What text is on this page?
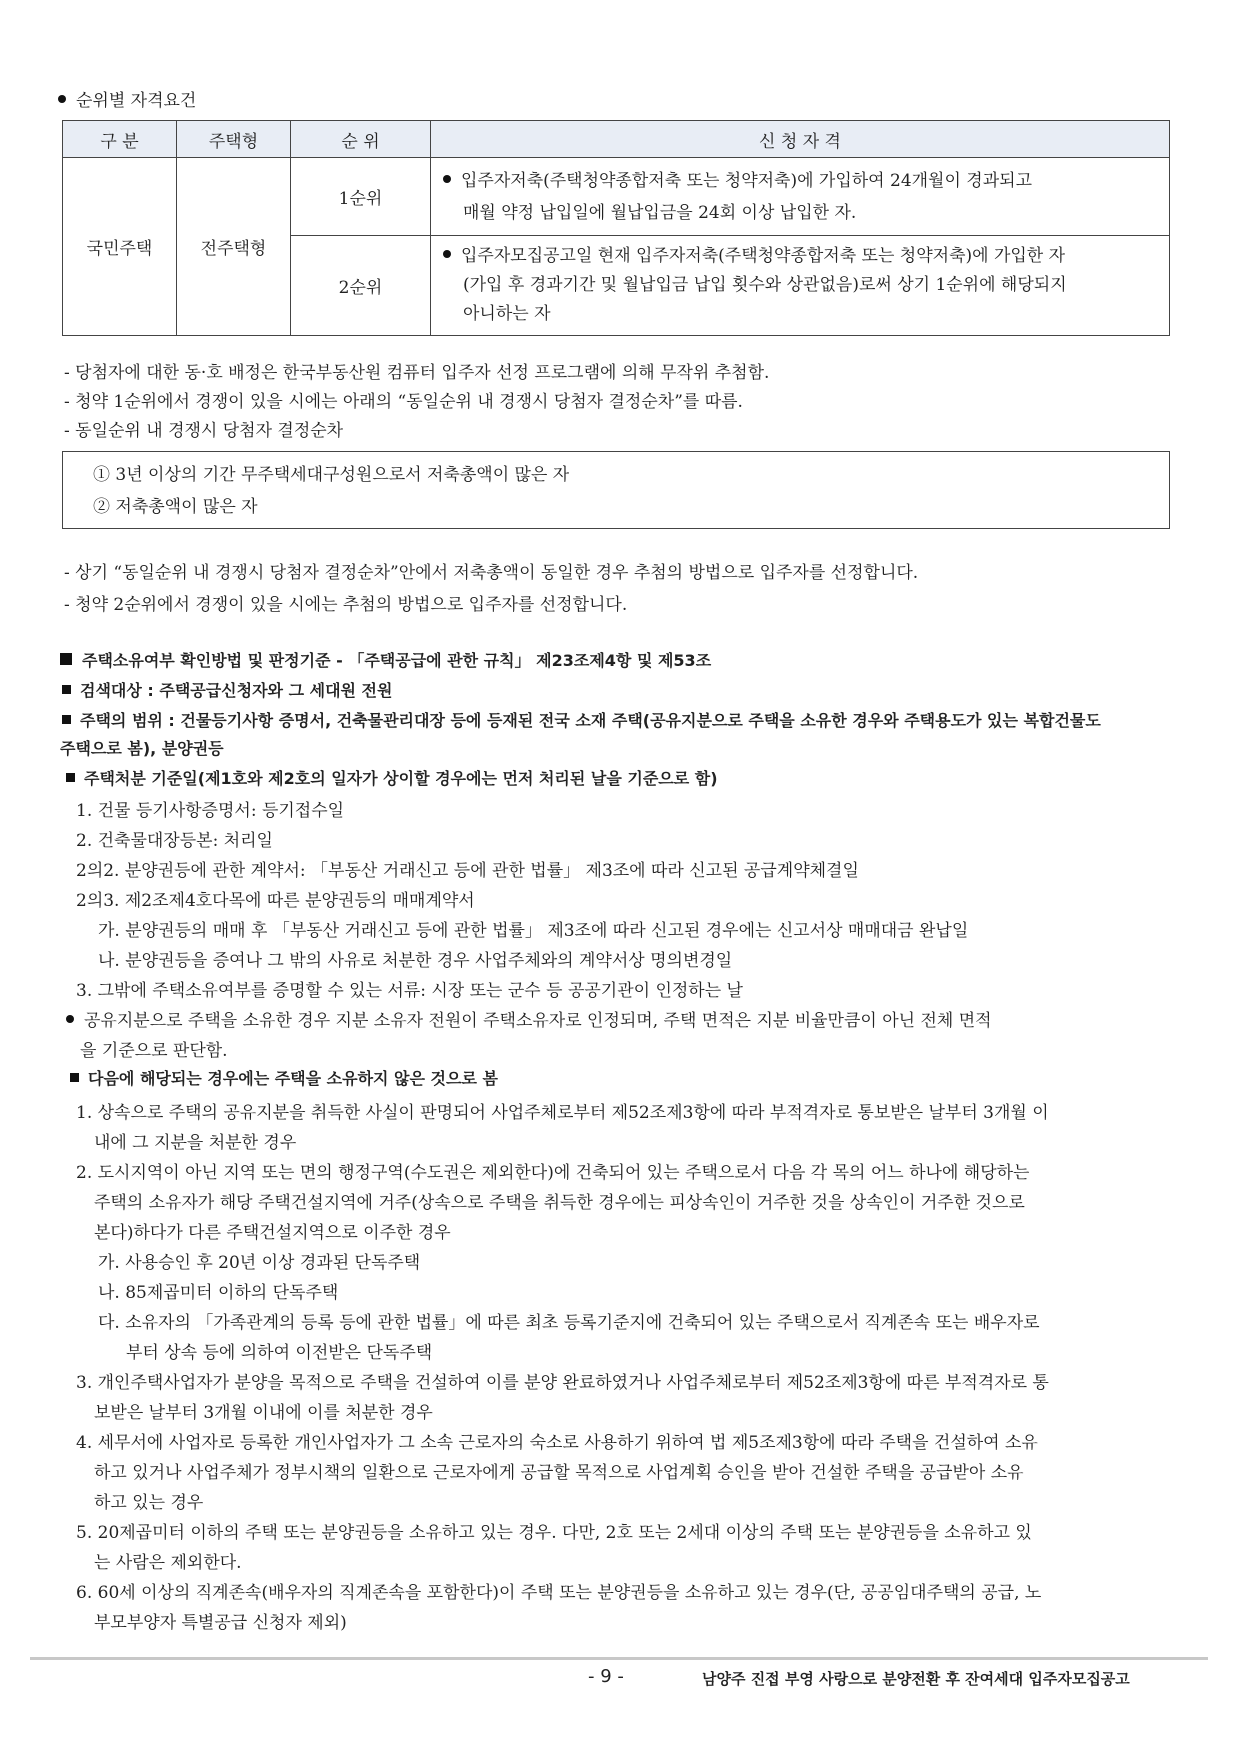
순위별 자격요건
구 분	주택형	순 위	신 청 자 격
국민주택	전주택형	1순위	입주자저축(주택청약종합저축 또는 청약저축)에 가입하여 24개월이 경과되고
매월 약정 납입일에 월납입금을 24회 이상 납입한 자.

		2순위	입주자모집공고일 현재 입주자저축(주택청약종합저축 또는 청약저축)에 가입한 자
(가입 후 경과기간 및 월납입금 납입 횟수와 상관없음)로써 상기 1순위에 해당되지
아니하는 자
- 당첨자에 대한 동·호 배정은 한국부동산원 컴퓨터 입주자 선정 프로그램에 의해 무작위 추첨함.
- 청약 1순위에서 경쟁이 있을 시에는 아래의 “동일순위 내 경쟁시 당첨자 결정순차”를 따름.
- 동일순위 내 경쟁시 당첨자 결정순차
① 3년 이상의 기간 무주택세대구성원으로서 저축총액이 많은 자
② 저축총액이 많은 자
- 상기 “동일순위 내 경쟁시 당첨자 결정순차”안에서 저축총액이 동일한 경우 추첨의 방법으로 입주자를 선정합니다.
- 청약 2순위에서 경쟁이 있을 시에는 추첨의 방법으로 입주자를 선정합니다.
주택소유여부 확인방법 및 판정기준 - 「주택공급에 관한 규칙」 제23조제4항 및 제53조
검색대상 : 주택공급신청자와 그 세대원 전원
주택의 범위 : 건물등기사항 증명서, 건축물관리대장 등에 등재된 전국 소재 주택(공유지분으로 주택을 소유한 경우와 주택용도가 있는 복합건물도
주택으로 봄), 분양권등
주택처분 기준일(제1호와 제2호의 일자가 상이할 경우에는 먼저 처리된 날을 기준으로 함)
1. 건물 등기사항증명서: 등기접수일
2. 건축물대장등본: 처리일
2의2. 분양권등에 관한 계약서: 「부동산 거래신고 등에 관한 법률」 제3조에 따라 신고된 공급계약체결일
2의3. 제2조제4호다목에 따른 분양권등의 매매계약서
가. 분양권등의 매매 후 「부동산 거래신고 등에 관한 법률」 제3조에 따라 신고된 경우에는 신고서상 매매대금 완납일
나. 분양권등을 증여나 그 밖의 사유로 처분한 경우 사업주체와의 계약서상 명의변경일
3. 그밖에 주택소유여부를 증명할 수 있는 서류: 시장 또는 군수 등 공공기관이 인정하는 날
공유지분으로 주택을 소유한 경우 지분 소유자 전원이 주택소유자로 인정되며, 주택 면적은 지분 비율만큼이 아닌 전체 면적
을 기준으로 판단함.
다음에 해당되는 경우에는 주택을 소유하지 않은 것으로 봄
1. 상속으로 주택의 공유지분을 취득한 사실이 판명되어 사업주체로부터 제52조제3항에 따라 부적격자로 통보받은 날부터 3개월 이
내에 그 지분을 처분한 경우
2. 도시지역이 아닌 지역 또는 면의 행정구역(수도권은 제외한다)에 건축되어 있는 주택으로서 다음 각 목의 어느 하나에 해당하는
주택의 소유자가 해당 주택건설지역에 거주(상속으로 주택을 취득한 경우에는 피상속인이 거주한 것을 상속인이 거주한 것으로
본다)하다가 다른 주택건설지역으로 이주한 경우
가. 사용승인 후 20년 이상 경과된 단독주택
나. 85제곱미터 이하의 단독주택
다. 소유자의 「가족관계의 등록 등에 관한 법률」에 따른 최초 등록기준지에 건축되어 있는 주택으로서 직계존속 또는 배우자로
부터 상속 등에 의하여 이전받은 단독주택
3. 개인주택사업자가 분양을 목적으로 주택을 건설하여 이를 분양 완료하였거나 사업주체로부터 제52조제3항에 따른 부적격자로 통
보받은 날부터 3개월 이내에 이를 처분한 경우
4. 세무서에 사업자로 등록한 개인사업자가 그 소속 근로자의 숙소로 사용하기 위하여 법 제5조제3항에 따라 주택을 건설하여 소유
하고 있거나 사업주체가 정부시책의 일환으로 근로자에게 공급할 목적으로 사업계획 승인을 받아 건설한 주택을 공급받아 소유
하고 있는 경우
5. 20제곱미터 이하의 주택 또는 분양권등을 소유하고 있는 경우. 다만, 2호 또는 2세대 이상의 주택 또는 분양권등을 소유하고 있
는 사람은 제외한다.
6. 60세 이상의 직계존속(배우자의 직계존속을 포함한다)이 주택 또는 분양권등을 소유하고 있는 경우(단, 공공임대주택의 공급, 노
부모부양자 특별공급 신청자 제외)
- 9 -	남양주 진접 부영 사랑으로 분양전환 후 잔여세대 입주자모집공고
